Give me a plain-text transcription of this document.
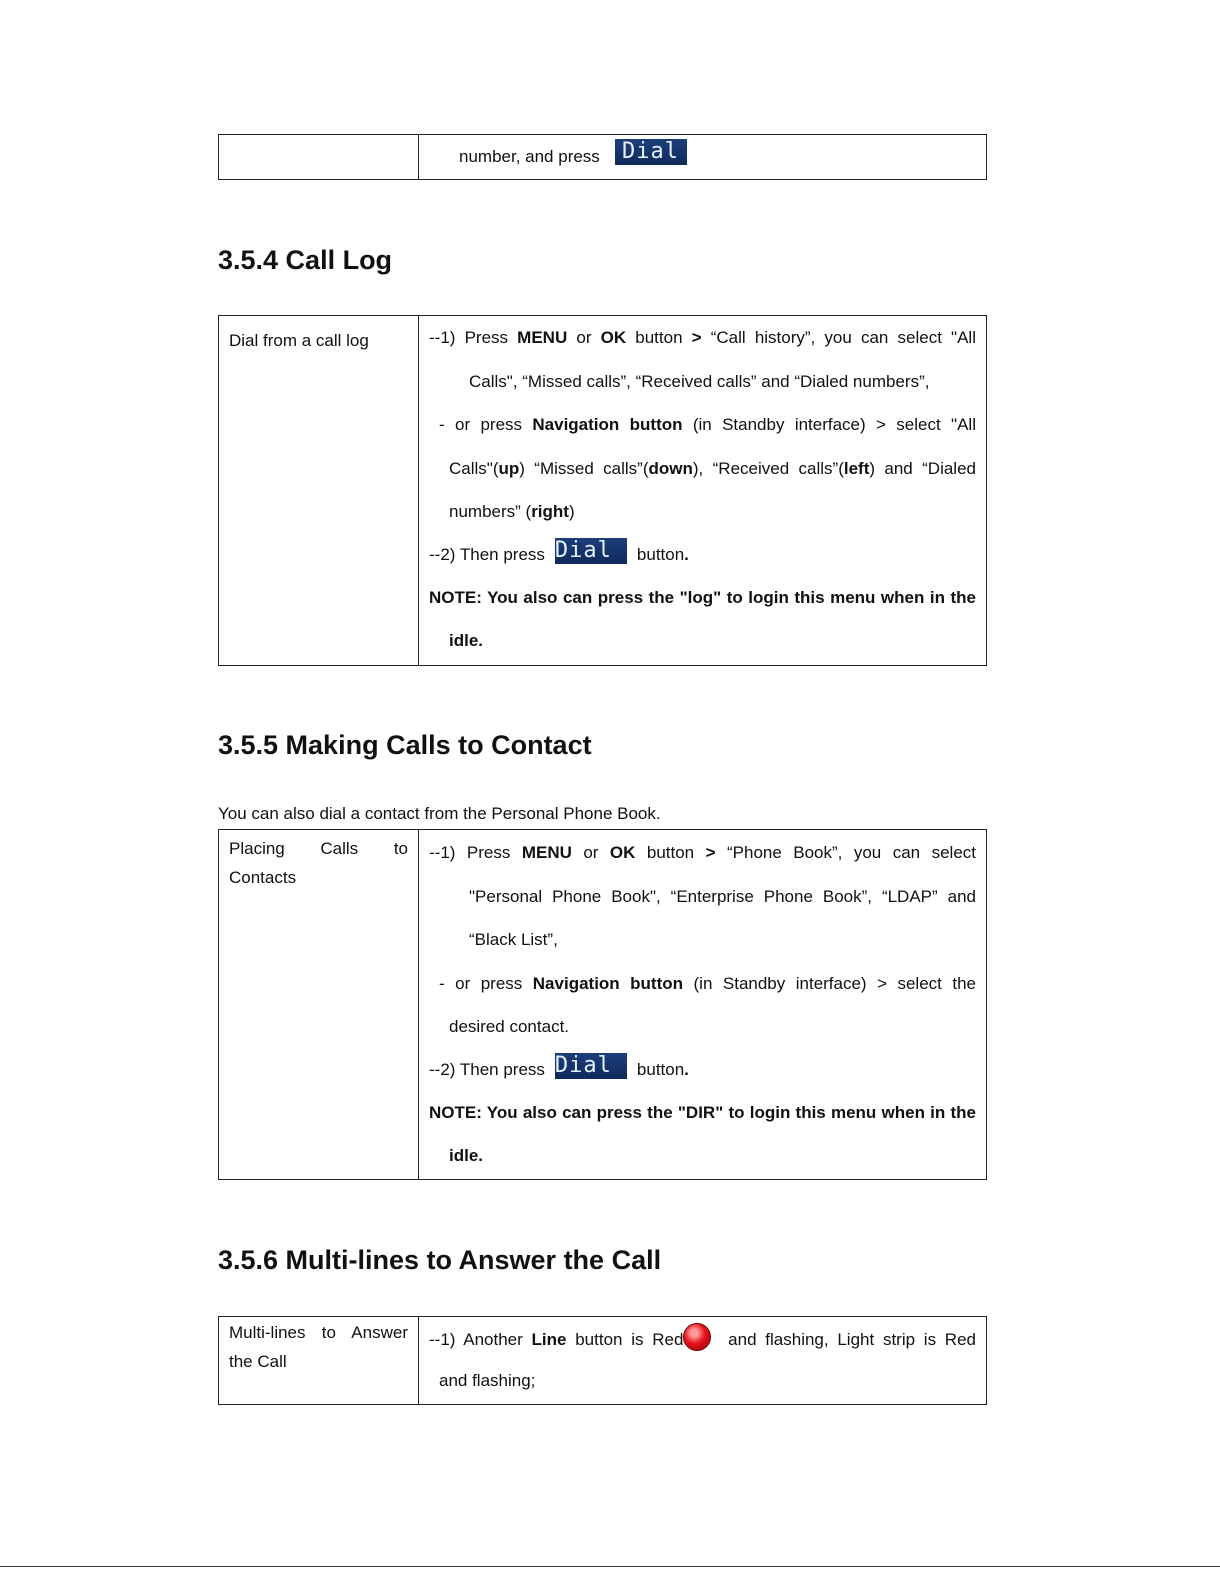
number, and press Dial
3.5.4 Call Log
Dial from a call log	--1) Press MENU or OK button > “Call history”, you can select "All
Calls", “Missed calls”, “Received calls” and “Dialed numbers”,
- or press Navigation button (in Standby interface) > select "All
Calls"(up) “Missed calls”(down), “Received calls”(left) and “Dialed
numbers” (right)
--2) Then press Dial button.
NOTE: You also can press the "log" to login this menu when in the
idle.
3.5.5 Making Calls to Contact
You can also dial a contact from the Personal Phone Book.
Placing Calls to Contacts
--1) Press MENU or OK button > “Phone Book”, you can select
"Personal Phone Book", “Enterprise Phone Book”, “LDAP” and
“Black List”,
- or press Navigation button (in Standby interface) > select the
desired contact.
--2) Then press Dial button.
NOTE: You also can press the "DIR" to login this menu when in the
idle.
3.5.6 Multi-lines to Answer the Call
Multi-lines to Answer the Call
--1) Another Line button is Red and flashing, Light strip is Red
and flashing;
